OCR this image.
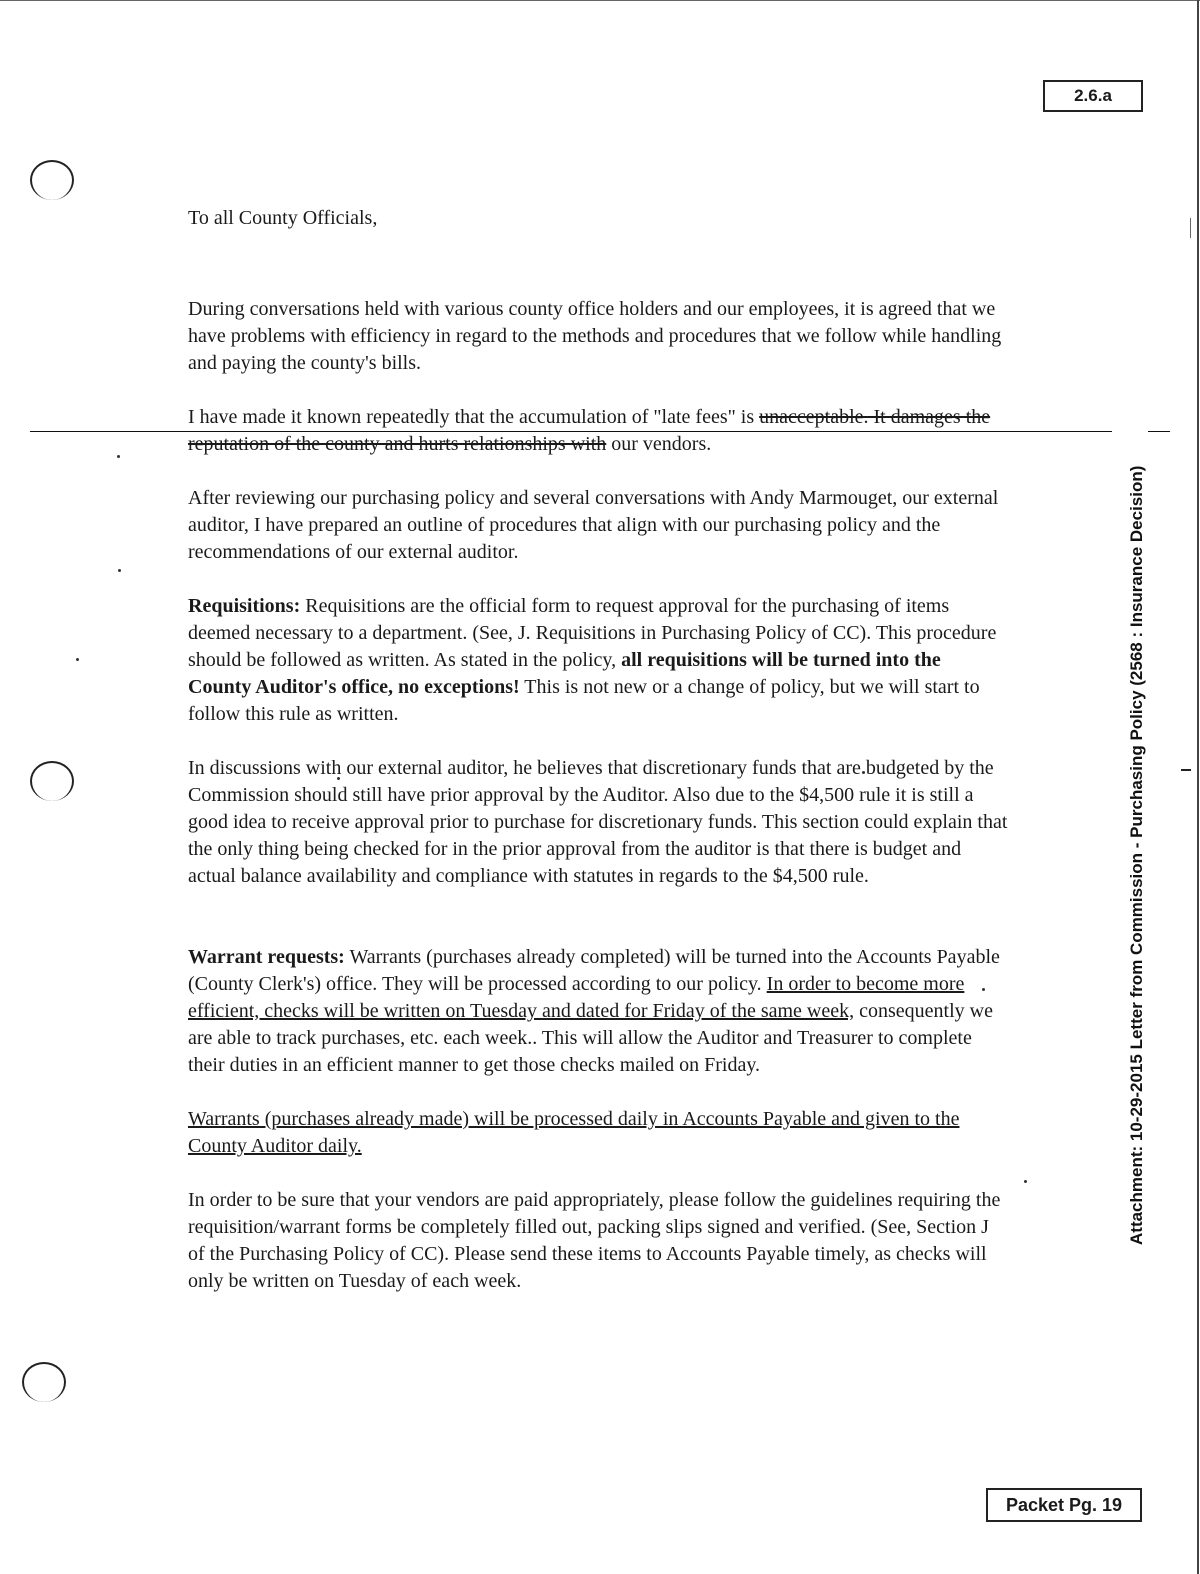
2.6.a
Attachment: 10-29-2015 Letter from Commission - Purchasing Policy (2568 : Insurance Decision)

To all County Officials,

During conversations held with various county office holders and our employees, it is agreed that we have problems with efficiency in regard to the methods and procedures that we follow while handling and paying the county's bills.

I have made it known repeatedly that the accumulation of "late fees" is unacceptable. It damages the reputation of the county and hurts relationships with our vendors.

After reviewing our purchasing policy and several conversations with Andy Marmouget, our external auditor, I have prepared an outline of procedures that align with our purchasing policy and the recommendations of our external auditor.

Requisitions: Requisitions are the official form to request approval for the purchasing of items deemed necessary to a department. (See, J. Requisitions in Purchasing Policy of CC). This procedure should be followed as written. As stated in the policy, all requisitions will be turned into the County Auditor's office, no exceptions! This is not new or a change of policy, but we will start to follow this rule as written.

In discussions with our external auditor, he believes that discretionary funds that are budgeted by the Commission should still have prior approval by the Auditor. Also due to the $4,500 rule it is still a good idea to receive approval prior to purchase for discretionary funds. This section could explain that the only thing being checked for in the prior approval from the auditor is that there is budget and actual balance availability and compliance with statutes in regards to the $4,500 rule.

Warrant requests: Warrants (purchases already completed) will be turned into the Accounts Payable (County Clerk's) office. They will be processed according to our policy. In order to become more efficient, checks will be written on Tuesday and dated for Friday of the same week, consequently we are able to track purchases, etc. each week.. This will allow the Auditor and Treasurer to complete their duties in an efficient manner to get those checks mailed on Friday.

Warrants (purchases already made) will be processed daily in Accounts Payable and given to the County Auditor daily.

In order to be sure that your vendors are paid appropriately, please follow the guidelines requiring the requisition/warrant forms be completely filled out, packing slips signed and verified. (See, Section J of the Purchasing Policy of CC). Please send these items to Accounts Payable timely, as checks will only be written on Tuesday of each week.

Packet Pg. 19
